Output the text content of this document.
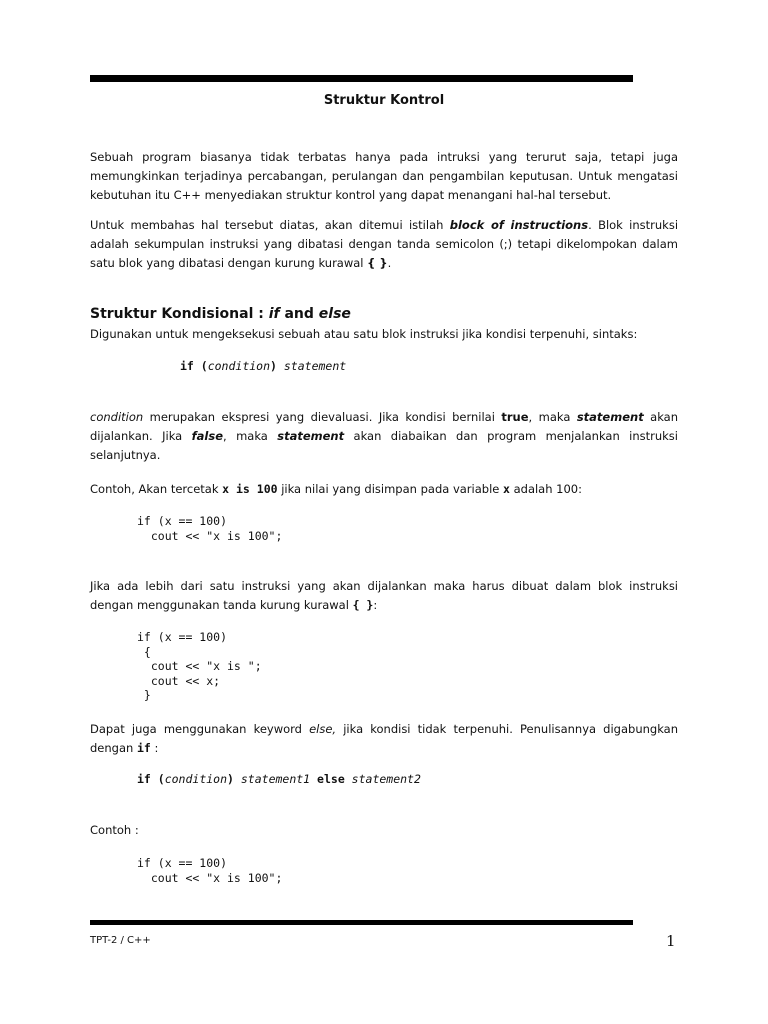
Struktur Kontrol
Sebuah program biasanya tidak terbatas hanya pada intruksi yang terurut saja, tetapi juga memungkinkan terjadinya percabangan, perulangan dan pengambilan keputusan. Untuk mengatasi kebutuhan itu C++ menyediakan struktur kontrol yang dapat menangani hal-hal tersebut.
Untuk membahas hal tersebut diatas, akan ditemui istilah block of instructions. Blok instruksi adalah sekumpulan instruksi yang dibatasi dengan tanda semicolon (;) tetapi dikelompokan dalam satu blok yang dibatasi dengan kurung kurawal { }.
Struktur Kondisional : if and else
Digunakan untuk mengeksekusi sebuah atau satu blok instruksi jika kondisi terpenuhi, sintaks:
if (condition) statement
condition merupakan ekspresi yang dievaluasi. Jika kondisi bernilai true, maka statement akan dijalankan. Jika false, maka statement akan diabaikan dan program menjalankan instruksi selanjutnya.
Contoh, Akan tercetak x is 100 jika nilai yang disimpan pada variable x adalah 100:
if (x == 100)
cout << "x is 100";
Jika ada lebih dari satu instruksi yang akan dijalankan maka harus dibuat dalam blok instruksi dengan menggunakan tanda kurung kurawal { }:
if (x == 100)
{
cout << "x is ";
cout << x;
}
Dapat juga menggunakan keyword else, jika kondisi tidak terpenuhi. Penulisannya digabungkan dengan if :
if (condition) statement1 else statement2
Contoh :
if (x == 100)
cout << "x is 100";
TPT-2 / C++	1
